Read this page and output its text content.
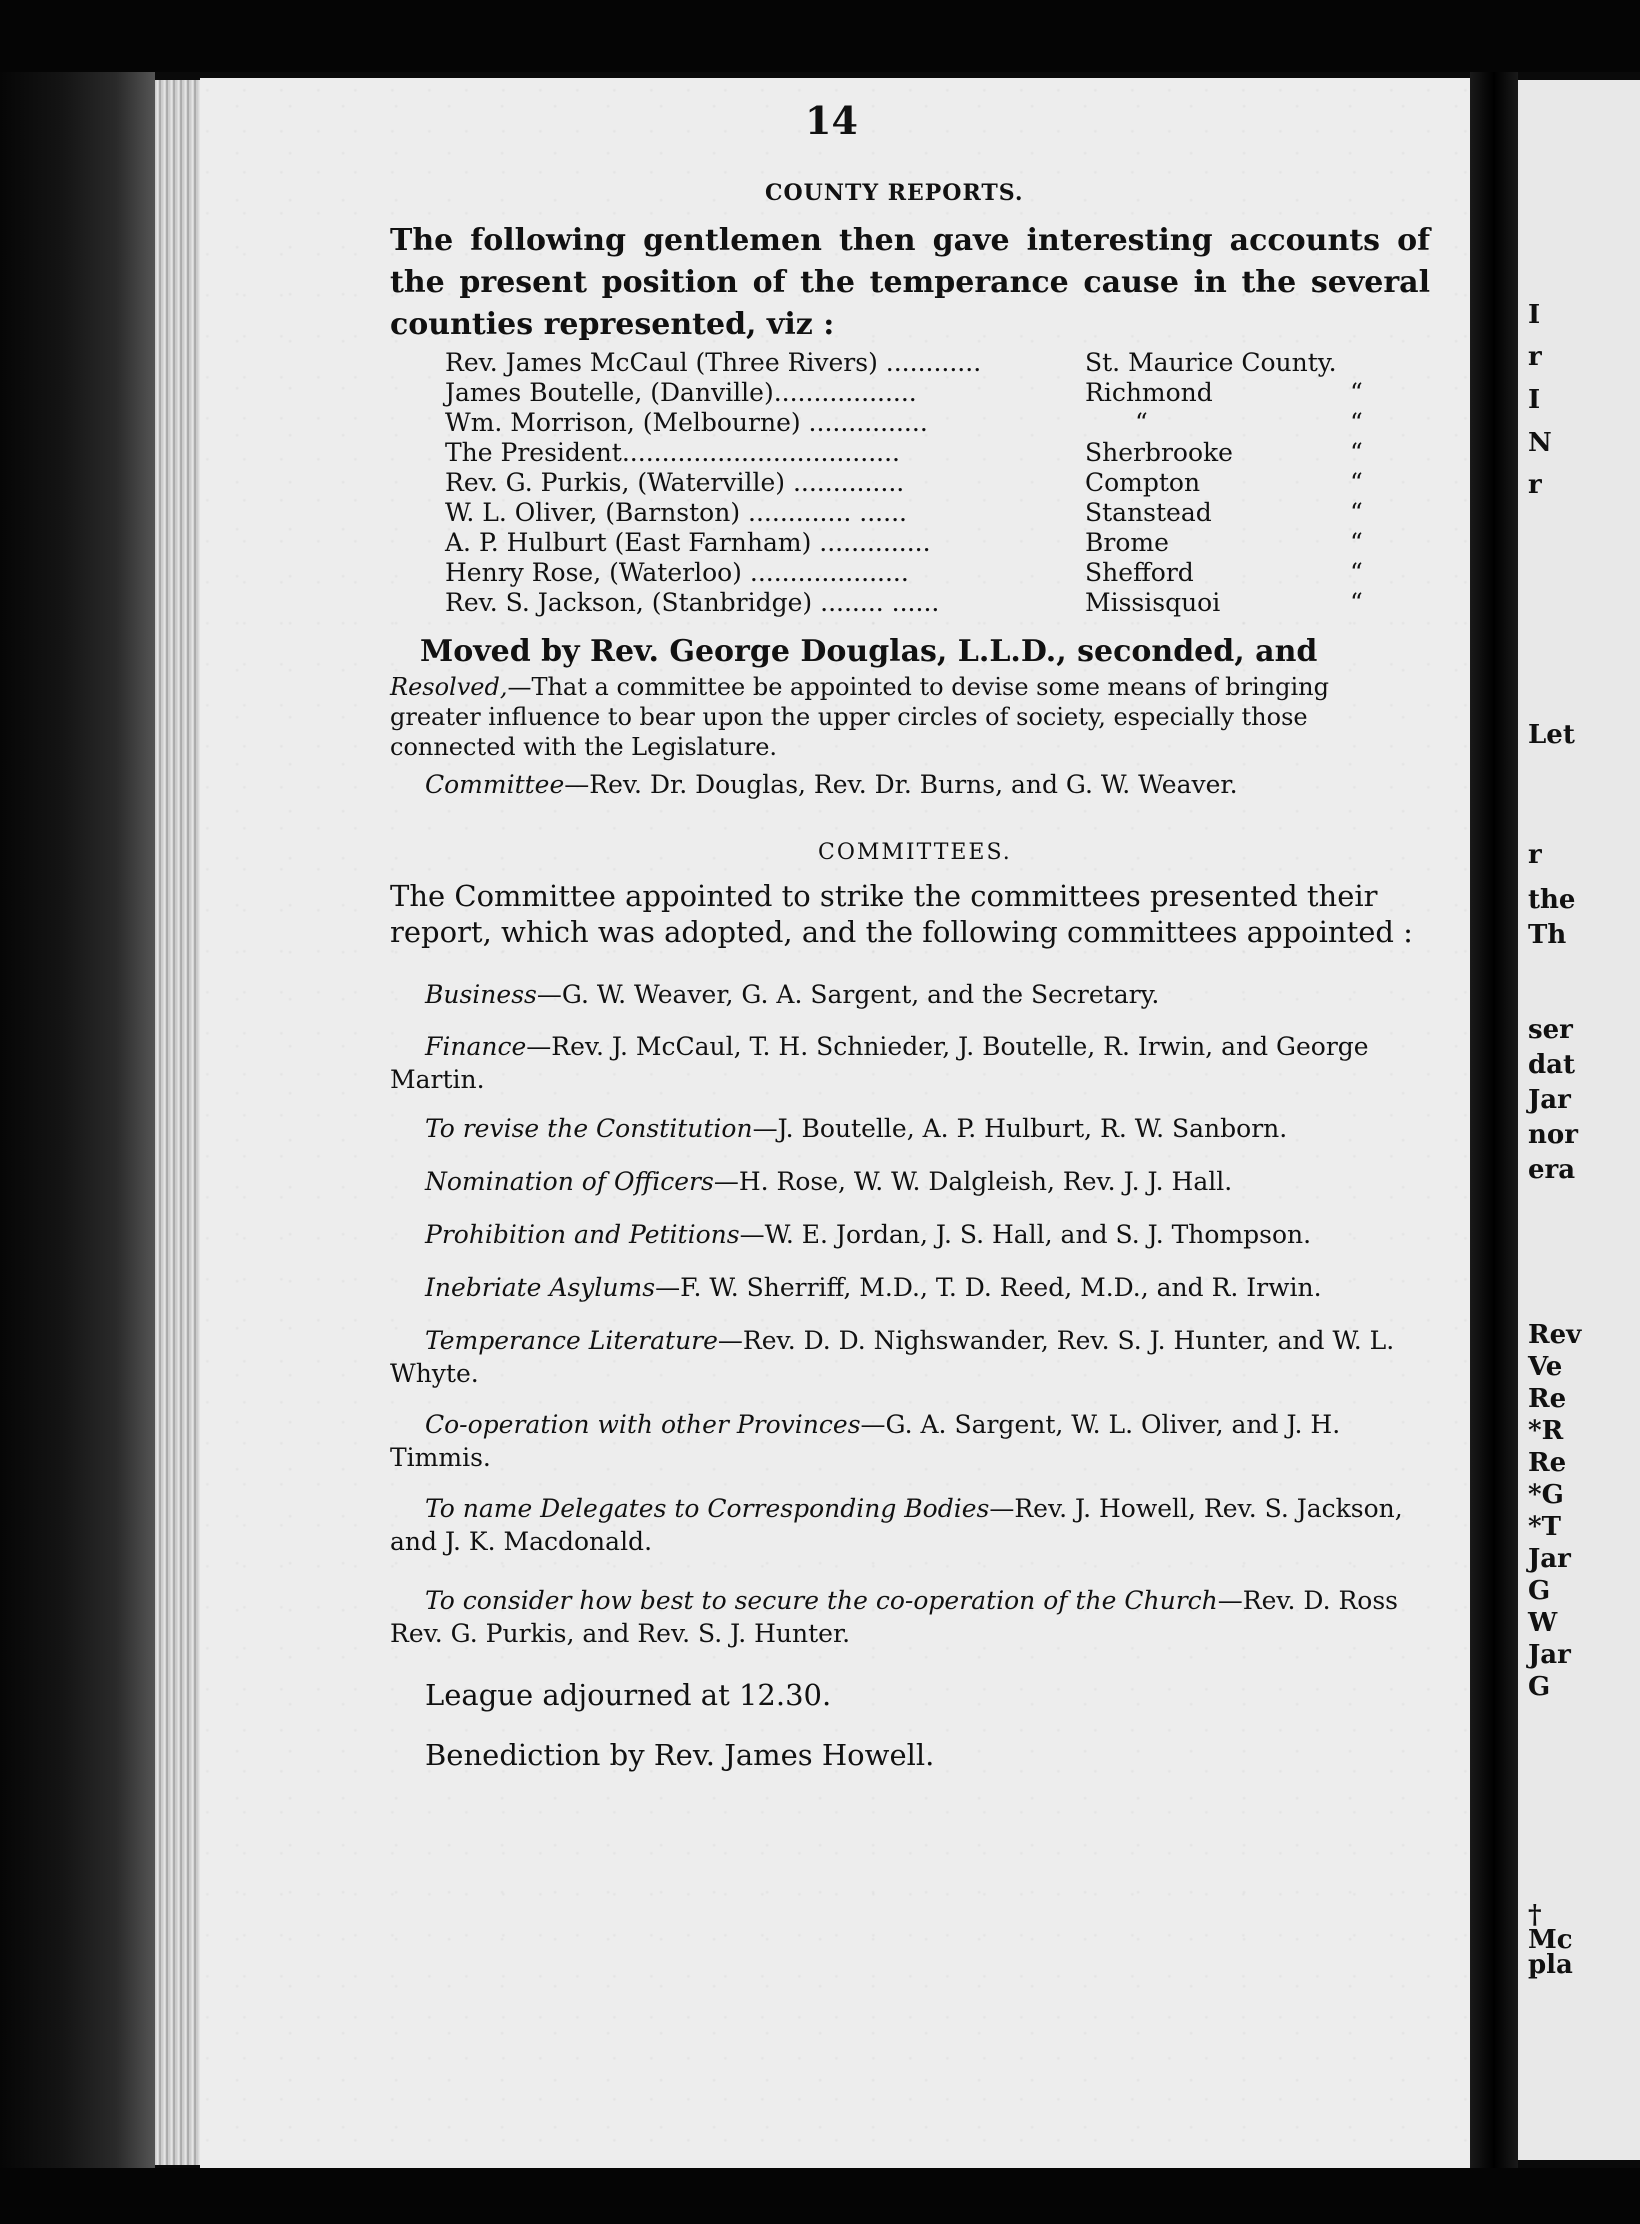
14
COUNTY REPORTS.
The following gentlemen then gave interesting accounts of the present position of the temperance cause in the several counties represented, viz :
Rev. James McCaul (Three Rivers) ............	St. Maurice County.
James Boutelle, (Danville)..................	Richmond	“
Wm. Morrison, (Melbourne) ...............	“	“
The President...................................	Sherbrooke	“
Rev. G. Purkis, (Waterville) ..............	Compton	“
W. L. Oliver, (Barnston) ............. ......	Stanstead	“
A. P. Hulburt (East Farnham) ..............	Brome	“
Henry Rose, (Waterloo) ....................	Shefford	“
Rev. S. Jackson, (Stanbridge) ........ ......	Missisquoi	“
Moved by Rev. George Douglas, L.L.D., seconded, and
Resolved,—That a committee be appointed to devise some means of bringing greater influence to bear upon the upper circles of society, especially those connected with the Legislature.
Committee—Rev. Dr. Douglas, Rev. Dr. Burns, and G. W. Weaver.
COMMITTEES.
The Committee appointed to strike the committees presented their report, which was adopted, and the following committees appointed :
Business—G. W. Weaver, G. A. Sargent, and the Secretary.
Finance—Rev. J. McCaul, T. H. Schnieder, J. Boutelle, R. Irwin, and George Martin.
To revise the Constitution—J. Boutelle, A. P. Hulburt, R. W. Sanborn.
Nomination of Officers—H. Rose, W. W. Dalgleish, Rev. J. J. Hall.
Prohibition and Petitions—W. E. Jordan, J. S. Hall, and S. J. Thompson.
Inebriate Asylums—F. W. Sherriff, M.D., T. D. Reed, M.D., and R. Irwin.
Temperance Literature—Rev. D. D. Nighswander, Rev. S. J. Hunter, and W. L. Whyte.
Co-operation with other Provinces—G. A. Sargent, W. L. Oliver, and J. H. Timmis.
To name Delegates to Corresponding Bodies—Rev. J. Howell, Rev. S. Jackson, and J. K. Macdonald.
To consider how best to secure the co-operation of the Church—Rev. D. Ross Rev. G. Purkis, and Rev. S. J. Hunter.
League adjourned at 12.30.
Benediction by Rev. James Howell.
I
r
I
N
r
Let
r
the
Th
ser
dat
Jar
nor
era
Rev
Ve
Re
*R
Re
*G
*T
Jar
G
W
Jar
G
†
Mc
pla
